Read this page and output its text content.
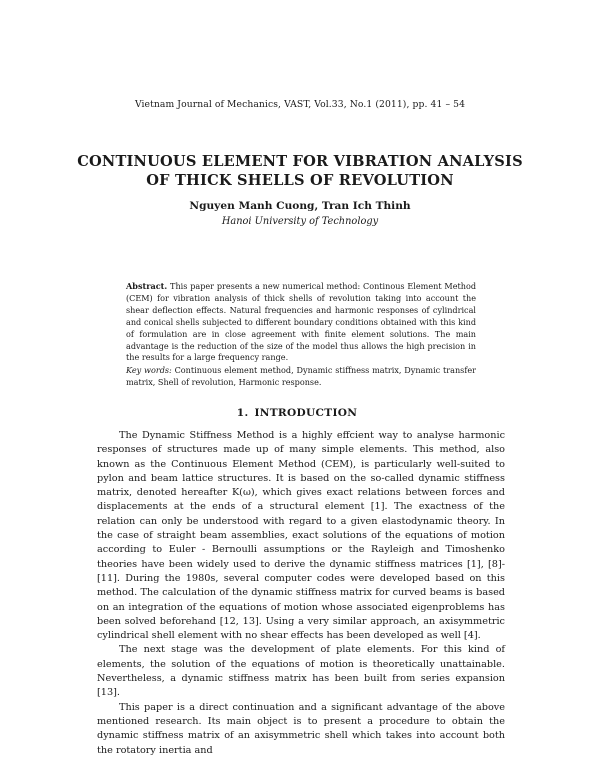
Vietnam Journal of Mechanics, VAST, Vol.33, No.1 (2011), pp. 41 – 54
CONTINUOUS ELEMENT FOR VIBRATION ANALYSIS
OF THICK SHELLS OF REVOLUTION
Nguyen Manh Cuong, Tran Ich Thinh
Hanoi University of Technology
Abstract. This paper presents a new numerical method: Continous Element Method (CEM) for vibration analysis of thick shells of revolution taking into account the shear deflection effects. Natural frequencies and harmonic responses of cylindrical and conical shells subjected to different boundary conditions obtained with this kind of formulation are in close agreement with finite element solutions. The main advantage is the reduction of the size of the model thus allows the high precision in the results for a large frequency range.
Key words: Continuous element method, Dynamic stiffness matrix, Dynamic transfer matrix, Shell of revolution, Harmonic response.
1. INTRODUCTION

The Dynamic Stiffness Method is a highly effcient way to analyse harmonic responses of structures made up of many simple elements. This method, also known as the Continuous Element Method (CEM), is particularly well-suited to pylon and beam lattice structures. It is based on the so-called dynamic stiffness matrix, denoted hereafter K(ω), which gives exact relations between forces and displacements at the ends of a structural element [1]. The exactness of the relation can only be understood with regard to a given elastodynamic theory. In the case of straight beam assemblies, exact solutions of the equations of motion according to Euler - Bernoulli assumptions or the Rayleigh and Timoshenko theories have been widely used to derive the dynamic stiffness matrices [1], [8]-[11]. During the 1980s, several computer codes were developed based on this method. The calculation of the dynamic stiffness matrix for curved beams is based on an integration of the equations of motion whose associated eigenproblems has been solved beforehand [12, 13]. Using a very similar approach, an axisymmetric cylindrical shell element with no shear effects has been developed as well [4].

The next stage was the development of plate elements. For this kind of elements, the solution of the equations of motion is theoretically unattainable. Nevertheless, a dynamic stiffness matrix has been built from series expansion [13].

This paper is a direct continuation and a significant advantage of the above mentioned research. Its main object is to present a procedure to obtain the dynamic stiffness matrix of an axisymmetric shell which takes into account both the rotatory inertia and
